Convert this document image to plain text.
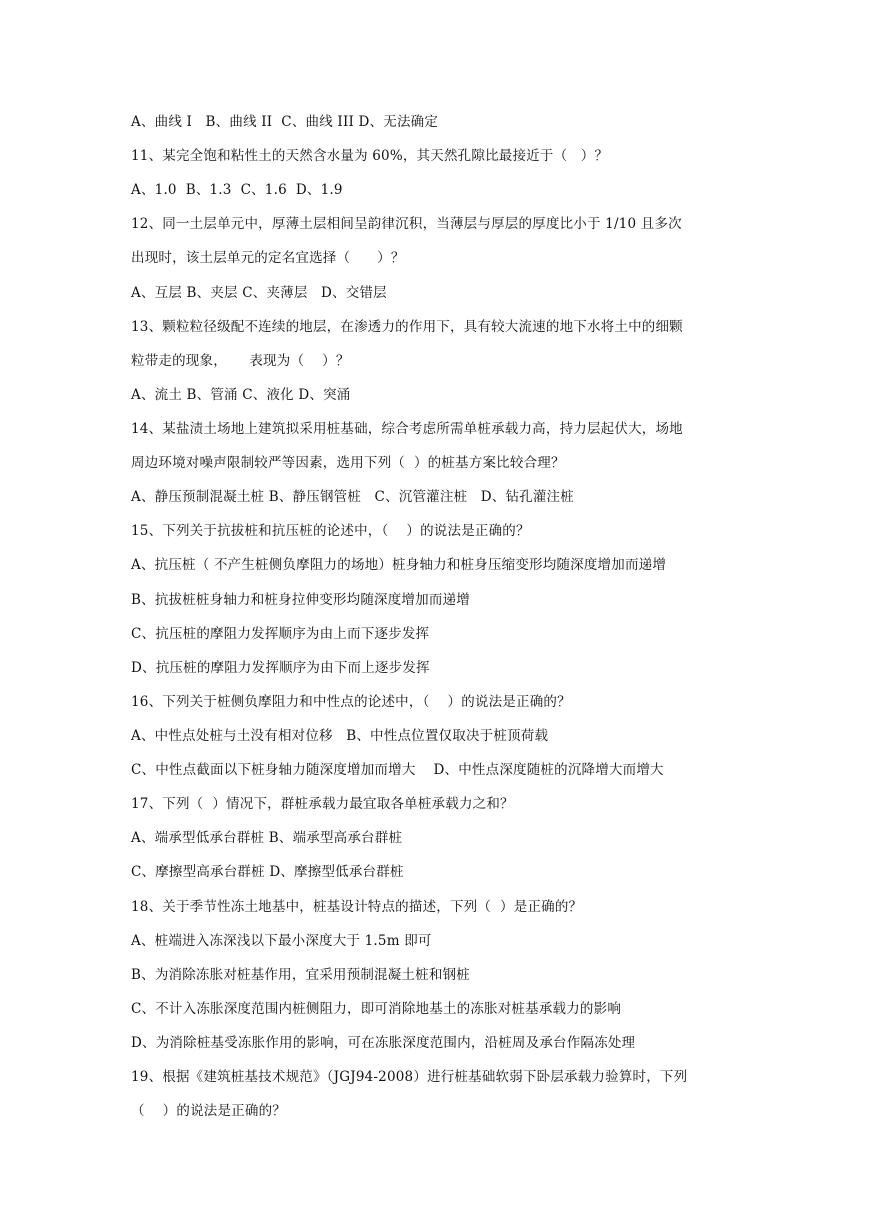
A、曲线 I   B、曲线 II  C、曲线 III D、无法确定
11、某完全饱和粘性土的天然含水量为 60%，其天然孔隙比最接近于（   ）？
A、1.0  B、1.3  C、1.6  D、1.9
12、同一土层单元中，厚薄土层相间呈韵律沉积，当薄层与厚层的厚度比小于 1/10 且多次
出现时，该土层单元的定名宜选择（      ）？
A、互层 B、夹层 C、夹薄层   D、交错层
13、颗粒粒径级配不连续的地层，在渗透力的作用下，具有较大流速的地下水将土中的细颗
粒带走的现象，     表现为（    ）？
A、流土 B、管涌 C、液化 D、突涌
14、某盐渍土场地上建筑拟采用桩基础，综合考虑所需单桩承载力高，持力层起伏大，场地
周边环境对噪声限制较严等因素，选用下列（  ）的桩基方案比较合理？
A、静压预制混凝土桩 B、静压钢管桩   C、沉管灌注桩   D、钻孔灌注桩
15、下列关于抗拔桩和抗压桩的论述中，（    ）的说法是正确的？
A、抗压桩（ 不产生桩侧负摩阻力的场地）桩身轴力和桩身压缩变形均随深度增加而递增
B、抗拔桩桩身轴力和桩身拉伸变形均随深度增加而递增
C、抗压桩的摩阻力发挥顺序为由上而下逐步发挥
D、抗压桩的摩阻力发挥顺序为由下而上逐步发挥
16、下列关于桩侧负摩阻力和中性点的论述中，（    ）的说法是正确的？
A、中性点处桩与土没有相对位移   B、中性点位置仅取决于桩顶荷载
C、中性点截面以下桩身轴力随深度增加而增大    D、中性点深度随桩的沉降增大而增大
17、下列（  ）情况下，群桩承载力最宜取各单桩承载力之和？
A、端承型低承台群桩 B、端承型高承台群桩
C、摩擦型高承台群桩 D、摩擦型低承台群桩
18、关于季节性冻土地基中，桩基设计特点的描述，下列（  ）是正确的？
A、桩端进入冻深浅以下最小深度大于 1.5m 即可
B、为消除冻胀对桩基作用，宜采用预制混凝土桩和钢桩
C、不计入冻胀深度范围内桩侧阻力，即可消除地基土的冻胀对桩基承载力的影响
D、为消除桩基受冻胀作用的影响，可在冻胀深度范围内，沿桩周及承台作隔冻处理
19、根据《建筑桩基技术规范》（JGJ94-2008）进行桩基础软弱下卧层承载力验算时，下列
（    ）的说法是正确的？
